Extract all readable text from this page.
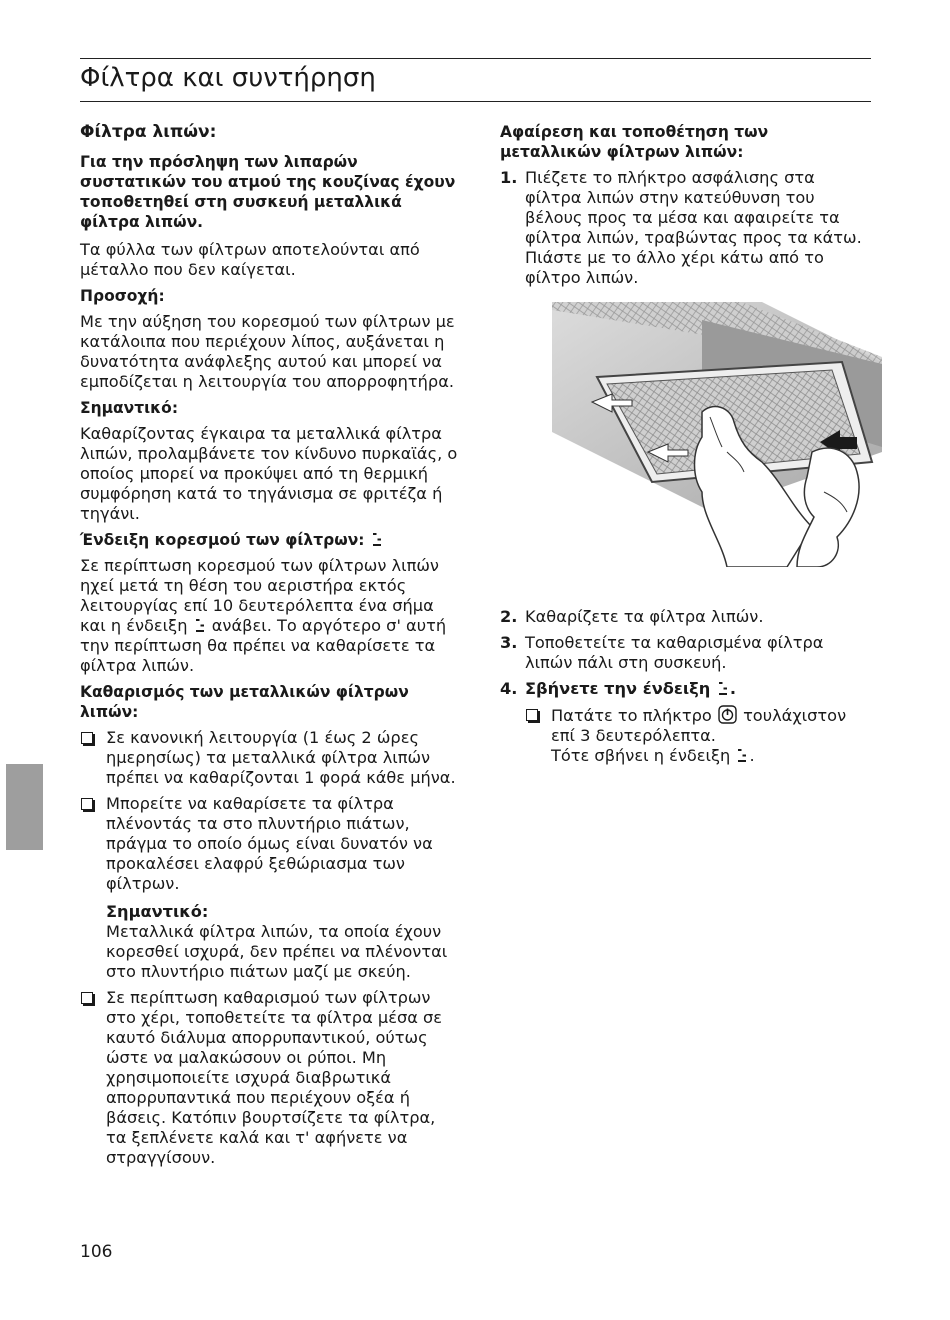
Φίλτρα και συντήρηση
Φίλτρα λιπών:

Για την πρόσληψη των λιπαρών συστατικών του ατμού της κουζίνας έχουν τοποθετηθεί στη συσκευή μεταλλικά φίλτρα λιπών.

Τα φύλλα των φίλτρων αποτελούνται από μέταλλο που δεν καίγεται.

Προσοχή:

Με την αύξηση του κορεσμού των φίλτρων με κατάλοιπα που περιέχουν λίπος, αυξάνεται η δυνατότητα ανάφλεξης αυτού και μπορεί να εμποδίζεται η λειτουργία του απορροφητήρα.

Σημαντικό:

Καθαρίζοντας έγκαιρα τα μεταλλικά φίλτρα λιπών, προλαμβάνετε τον κίνδυνο πυρκαϊάς, ο οποίος μπορεί να προκύψει από τη θερμική συμφόρηση κατά το τηγάνισμα σε φριτέζα ή τηγάνι.

Ένδειξη κορεσμού των φίλτρων:

Σε περίπτωση κορεσμού των φίλτρων λιπών ηχεί μετά τη θέση του αεριστήρα εκτός λειτουργίας επί 10 δευτερόλεπτα ένα σήμα και η ένδειξη ανάβει. Το αργότερο σ' αυτή την περίπτωση θα πρέπει να καθαρίσετε τα φίλτρα λιπών.

Καθαρισμός των μεταλλικών φίλτρων λιπών:
Σε κανονική λειτουργία (1 έως 2 ώρες ημερησίως) τα μεταλλικά φίλτρα λιπών πρέπει να καθαρίζονται 1 φορά κάθε μήνα.
Μπορείτε να καθαρίσετε τα φίλτρα πλένοντάς τα στο πλυντήριο πιάτων, πράγμα το οποίο όμως είναι δυνατόν να προκαλέσει ελαφρύ ξεθώριασμα των φίλτρων.
Σημαντικό:
Μεταλλικά φίλτρα λιπών, τα οποία έχουν κορεσθεί ισχυρά, δεν πρέπει να πλένονται στο πλυντήριο πιάτων μαζί με σκεύη.
Σε περίπτωση καθαρισμού των φίλτρων στο χέρι, τοποθετείτε τα φίλτρα μέσα σε καυτό διάλυμα απορρυπαντικού, ούτως ώστε να μαλακώσουν οι ρύποι. Μη χρησιμοποιείτε ισχυρά διαβρωτικά απορρυπαντικά που περιέχουν οξέα ή βάσεις. Κατόπιν βουρτσίζετε τα φίλτρα, τα ξεπλένετε καλά και τ' αφήνετε να στραγγίσουν.
Αφαίρεση και τοποθέτηση των μεταλλικών φίλτρων λιπών:
1. Πιέζετε το πλήκτρο ασφάλισης στα φίλτρα λιπών στην κατεύθυνση του βέλους προς τα μέσα και αφαιρείτε τα φίλτρα λιπών, τραβώντας προς τα κάτω.
Πιάστε με το άλλο χέρι κάτω από το φίλτρο λιπών.
2. Καθαρίζετε τα φίλτρα λιπών.
3. Τοποθετείτε τα καθαρισμένα φίλτρα λιπών πάλι στη συσκευή.
4. Σβήνετε την ένδειξη .
Πατάτε το πλήκτρο τουλάχιστον επί 3 δευτερόλεπτα.
Τότε σβήνει η ένδειξη .

106
